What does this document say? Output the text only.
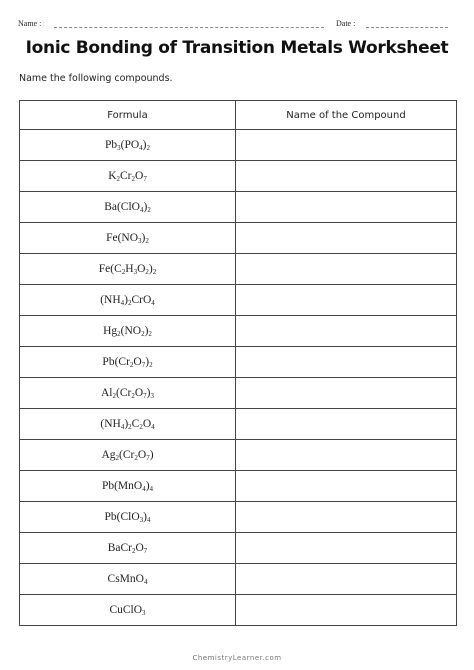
Name :	Date :
Ionic Bonding of Transition Metals Worksheet
Name the following compounds.
Formula	Name of the Compound
$Pb_3(PO_4)_2$	
$K_2Cr_2O_7$	
$Ba(ClO_4)_2$	
$Fe(NO_3)_2$	
$Fe(C_2H_3O_2)_2$	
$(NH_4)_2CrO_4$	
$Hg_2(NO_2)_2$	
$Pb(Cr_2O_7)_2$	
$Al_2(Cr_2O_7)_3$	
$(NH_4)_2C_2O_4$	
$Ag_2(Cr_2O_7)$	
$Pb(MnO_4)_4$	
$Pb(ClO_3)_4$	
$BaCr_2O_7$	
CsMnO$_4$	
CuClO$_3$	
ChemistryLearner.com
